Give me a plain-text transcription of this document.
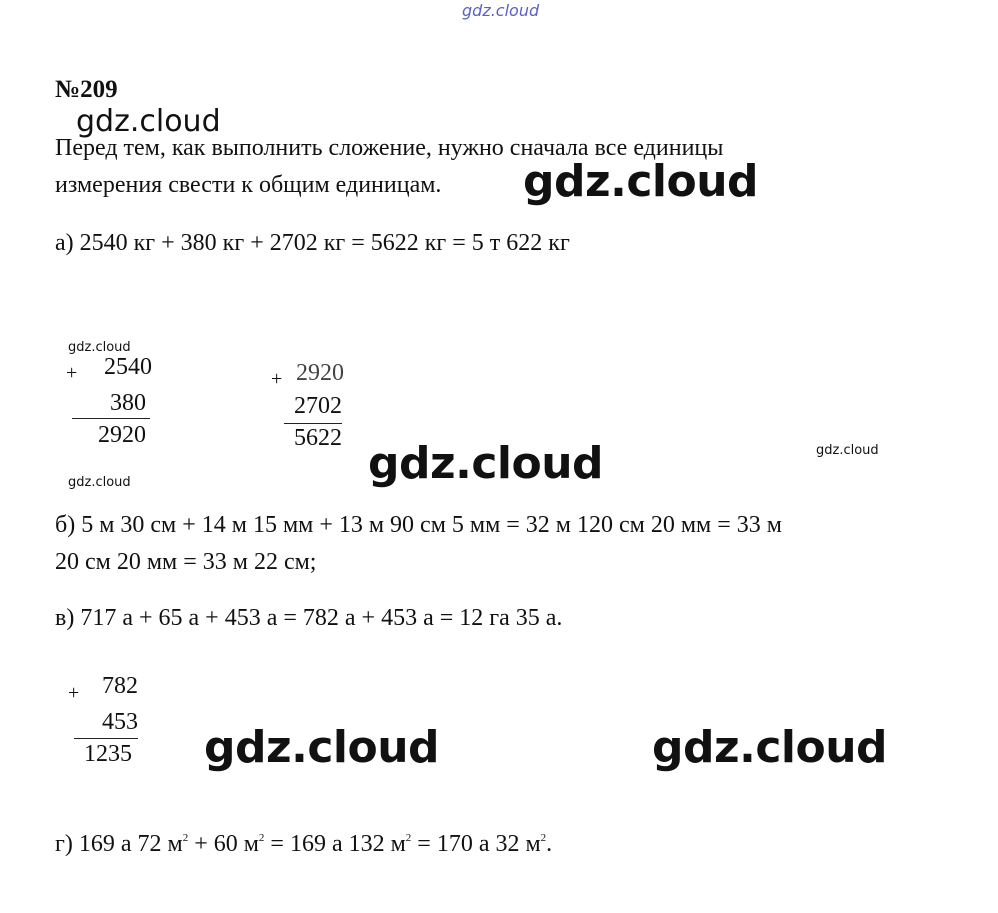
gdz.cloud
№209
gdz.cloud
Перед тем, как выполнить сложение, нужно сначала все единицы
измерения свести к общим единицам. gdz.cloud
а) 2540 кг + 380 кг + 2702 кг = 5622 кг = 5 т 622 кг
gdz.cloud
gdz.cloud
gdz.cloud
+	2540
380
2920
+ 2920
2702
5622 gdz.cloud
б) 5 м 30 см + 14 м 15 мм + 13 м 90 см 5 мм = 32 м 120 см 20 мм = 33 м
20 см 20 мм = 33 м 22 см;
в) 717 а + 65 а + 453 а = 782 а + 453 а = 12 га 35 а.
+ 782
453
1235 gdz.cloud	gdz.cloud
г) 169 а 72 $м^2 + 60$ $м^2 = 169$ а 132 $м^2 = 170$ а 32 $м^2$.
